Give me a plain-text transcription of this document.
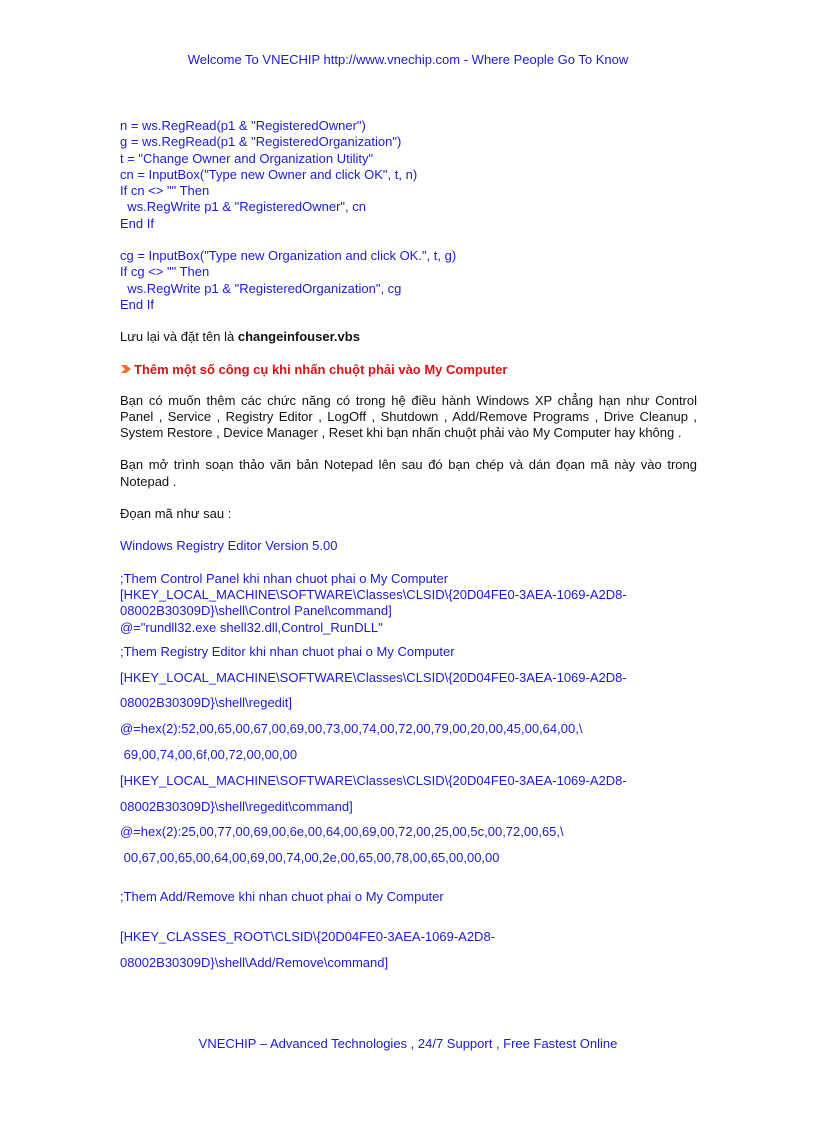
Welcome To VNECHIP http://www.vnechip.com - Where People Go To Know
n = ws.RegRead(p1 & "RegisteredOwner")
g = ws.RegRead(p1 & "RegisteredOrganization")
t = "Change Owner and Organization Utility"
cn = InputBox("Type new Owner and click OK", t, n)
If cn <> "" Then
ws.RegWrite p1 & "RegisteredOwner", cn
End If
cg = InputBox("Type new Organization and click OK.", t, g)
If cg <> "" Then
ws.RegWrite p1 & "RegisteredOrganization", cg
End If
Lưu lại và đặt tên là changeinfouser.vbs
Thêm một số công cụ khi nhấn chuột phải vào My Computer
Bạn có muốn thêm các chức năng có trong hệ điều hành Windows XP chẳng hạn như Control Panel , Service , Registry Editor , LogOff , Shutdown , Add/Remove Programs , Drive Cleanup , System Restore , Device Manager , Reset khi bạn nhấn chuột phải vào My Computer hay không .
Bạn mở trình soạn thảo văn bản Notepad lên sau đó bạn chép và dán đọan mã này vào trong Notepad .
Đọan mã như sau :
Windows Registry Editor Version 5.00
;Them Control Panel khi nhan chuot phai o My Computer
[HKEY_LOCAL_MACHINE\SOFTWARE\Classes\CLSID\{20D04FE0-3AEA-1069-A2D8-
08002B30309D}\shell\Control Panel\command]
@="rundll32.exe shell32.dll,Control_RunDLL"
;Them Registry Editor khi nhan chuot phai o My Computer
[HKEY_LOCAL_MACHINE\SOFTWARE\Classes\CLSID\{20D04FE0-3AEA-1069-A2D8-
08002B30309D}\shell\regedit]
@=hex(2):52,00,65,00,67,00,69,00,73,00,74,00,72,00,79,00,20,00,45,00,64,00,\
69,00,74,00,6f,00,72,00,00,00
[HKEY_LOCAL_MACHINE\SOFTWARE\Classes\CLSID\{20D04FE0-3AEA-1069-A2D8-
08002B30309D}\shell\regedit\command]
@=hex(2):25,00,77,00,69,00,6e,00,64,00,69,00,72,00,25,00,5c,00,72,00,65,\
00,67,00,65,00,64,00,69,00,74,00,2e,00,65,00,78,00,65,00,00,00
;Them Add/Remove khi nhan chuot phai o My Computer
[HKEY_CLASSES_ROOT\CLSID\{20D04FE0-3AEA-1069-A2D8-
08002B30309D}\shell\Add/Remove\command]
VNECHIP – Advanced Technologies , 24/7 Support , Free Fastest Online
